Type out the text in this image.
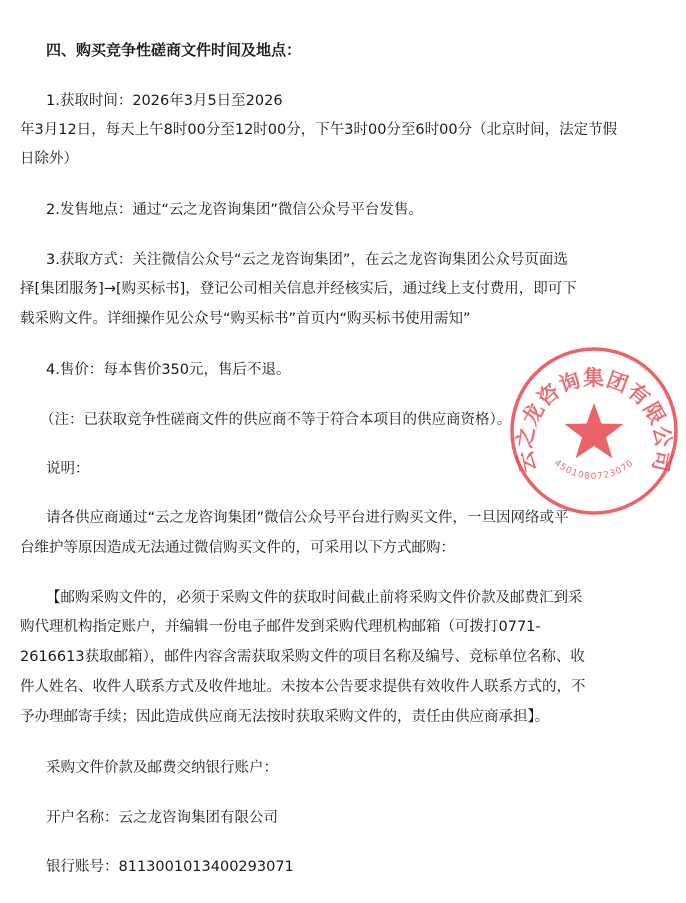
四、购买竞争性磋商文件时间及地点：
1.获取时间：2026年3月5日至2026
年3月12日，每天上午8时00分至12时00分，下午3时00分至6时00分（北京时间，法定节假
日除外）
2.发售地点：通过“云之龙咨询集团”微信公众号平台发售。
3.获取方式：关注微信公众号“云之龙咨询集团”，在云之龙咨询集团公众号页面选
择[集团服务]→[购买标书]，登记公司相关信息并经核实后，通过线上支付费用，即可下
载采购文件。详细操作见公众号“购买标书”首页内“购买标书使用需知”
4.售价：每本售价350元，售后不退。
（注：已获取竞争性磋商文件的供应商不等于符合本项目的供应商资格）。
说明：
请各供应商通过“云之龙咨询集团”微信公众号平台进行购买文件，一旦因网络或平
台维护等原因造成无法通过微信购买文件的，可采用以下方式邮购：
【邮购采购文件的，必须于采购文件的获取时间截止前将采购文件价款及邮费汇到采
购代理机构指定账户，并编辑一份电子邮件发到采购代理机构邮箱（可拨打0771-
2616613获取邮箱），邮件内容含需获取采购文件的项目名称及编号、竞标单位名称、收
件人姓名、收件人联系方式及收件地址。未按本公告要求提供有效收件人联系方式的，不
予办理邮寄手续；因此造成供应商无法按时获取采购文件的，责任由供应商承担】。
采购文件价款及邮费交纳银行账户：
开户名称：云之龙咨询集团有限公司
银行账号：8113001013400293071
云之龙咨询集团有限公司
4501080723070
